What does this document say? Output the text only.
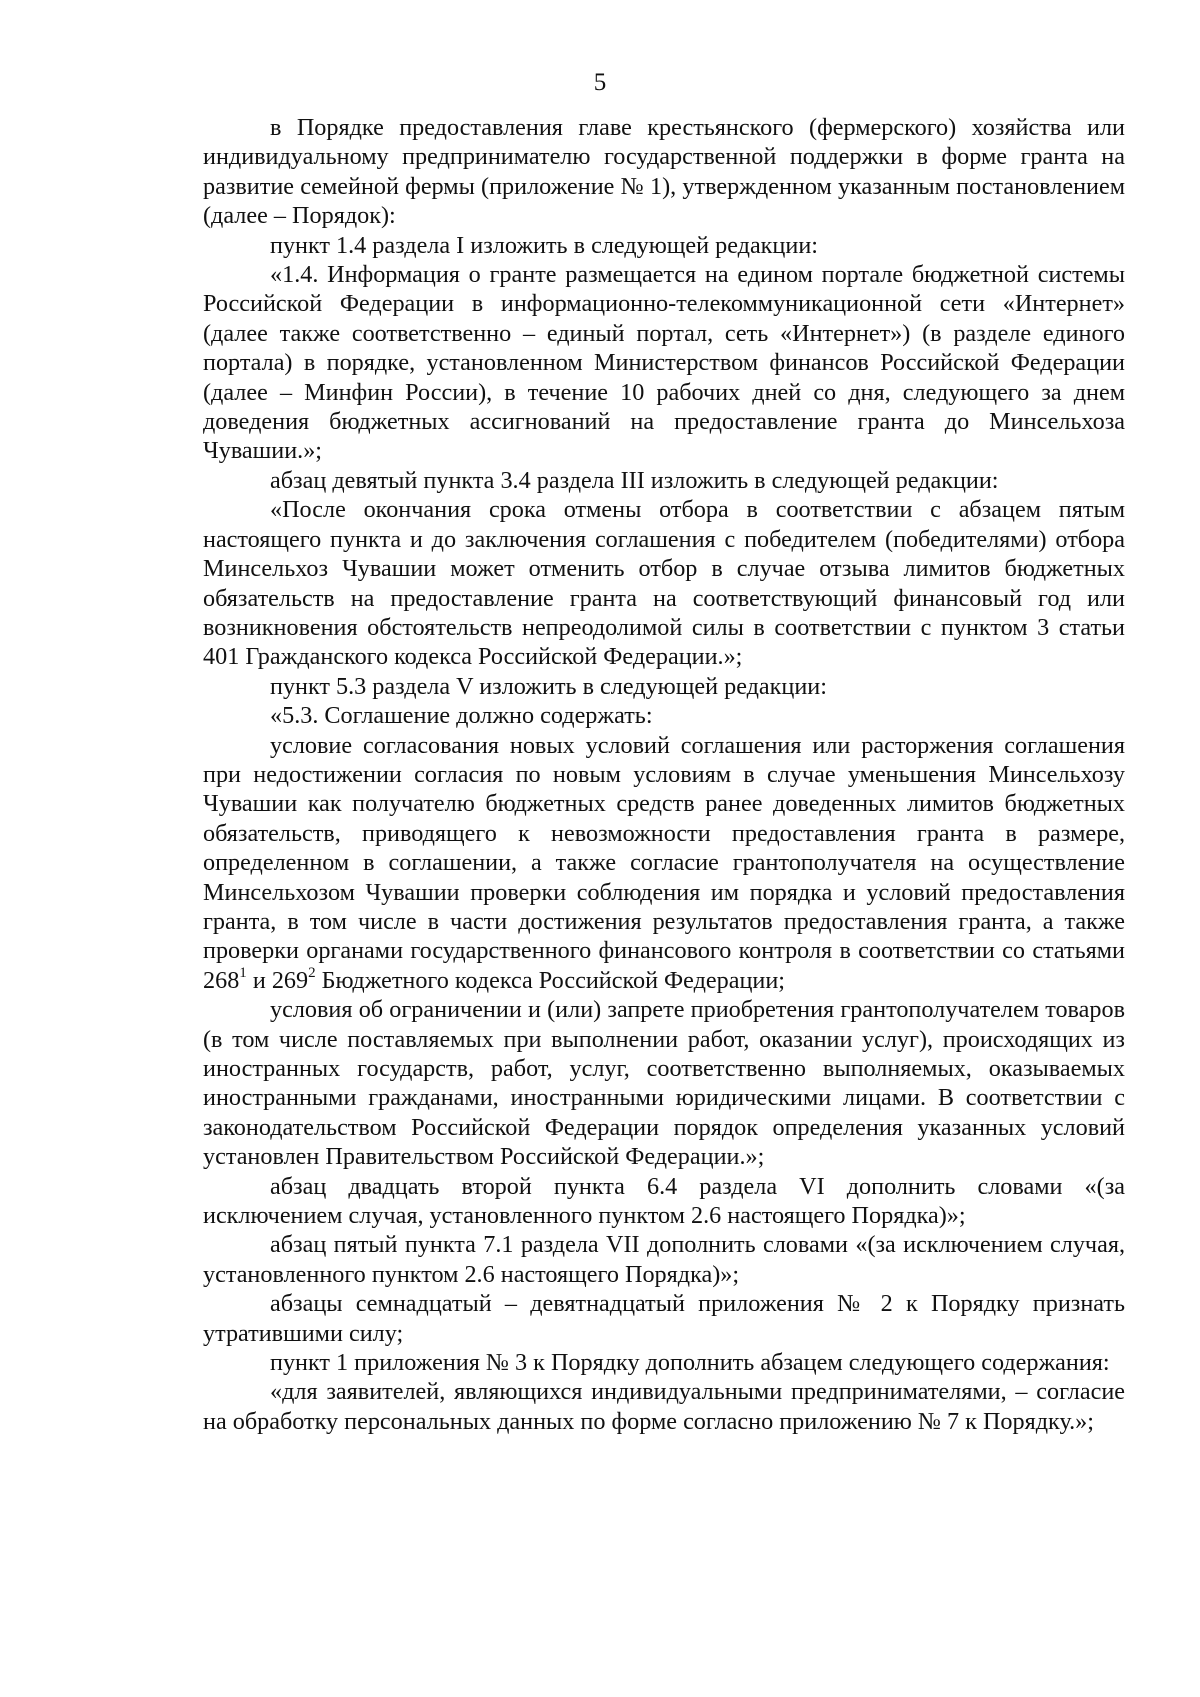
5

в Порядке предоставления главе крестьянского (фермерского) хозяйства или индивидуальному предпринимателю государственной поддержки в форме гранта на развитие семейной фермы (приложение № 1), утвержденном указанным постановлением (далее – Порядок):

пункт 1.4 раздела I изложить в следующей редакции:

«1.4. Информация о гранте размещается на едином портале бюджетной системы Российской Федерации в информационно-телекоммуникационной сети «Интернет» (далее также соответственно – единый портал, сеть «Интернет») (в разделе единого портала) в порядке, установленном Министерством финансов Российской Федерации (далее – Минфин России), в течение 10 рабочих дней со дня, следующего за днем доведения бюджетных ассигнований на предоставление гранта до Минсельхоза Чувашии.»;

абзац девятый пункта 3.4 раздела III изложить в следующей редакции:

«После окончания срока отмены отбора в соответствии с абзацем пятым настоящего пункта и до заключения соглашения с победителем (победителями) отбора Минсельхоз Чувашии может отменить отбор в случае отзыва лимитов бюджетных обязательств на предоставление гранта на соответствующий финансовый год или возникновения обстоятельств непреодолимой силы в соответствии с пунктом 3 статьи 401 Гражданского кодекса Российской Федерации.»;

пункт 5.3 раздела V изложить в следующей редакции:

«5.3. Соглашение должно содержать:

условие согласования новых условий соглашения или расторжения соглашения при недостижении согласия по новым условиям в случае уменьшения Минсельхозу Чувашии как получателю бюджетных средств ранее доведенных лимитов бюджетных обязательств, приводящего к невозможности предоставления гранта в размере, определенном в соглашении, а также согласие грантополучателя на осуществление Минсельхозом Чувашии проверки соблюдения им порядка и условий предоставления гранта, в том числе в части достижения результатов предоставления гранта, а также проверки органами государственного финансового контроля в соответствии со статьями $268^1$ и $269^2$ Бюджетного кодекса Российской Федерации;

условия об ограничении и (или) запрете приобретения грантополучателем товаров (в том числе поставляемых при выполнении работ, оказании услуг), происходящих из иностранных государств, работ, услуг, соответственно выполняемых, оказываемых иностранными гражданами, иностранными юридическими лицами. В соответствии с законодательством Российской Федерации порядок определения указанных условий установлен Правительством Российской Федерации.»;

абзац двадцать второй пункта 6.4 раздела VI дополнить словами «(за исключением случая, установленного пунктом 2.6 настоящего Порядка)»;

абзац пятый пункта 7.1 раздела VII дополнить словами «(за исключением случая, установленного пунктом 2.6 настоящего Порядка)»;

абзацы семнадцатый – девятнадцатый приложения № 2 к Порядку признать утратившими силу;

пункт 1 приложения № 3 к Порядку дополнить абзацем следующего содержания:

«для заявителей, являющихся индивидуальными предпринимателями, – согласие на обработку персональных данных по форме согласно приложению № 7 к Порядку.»;
